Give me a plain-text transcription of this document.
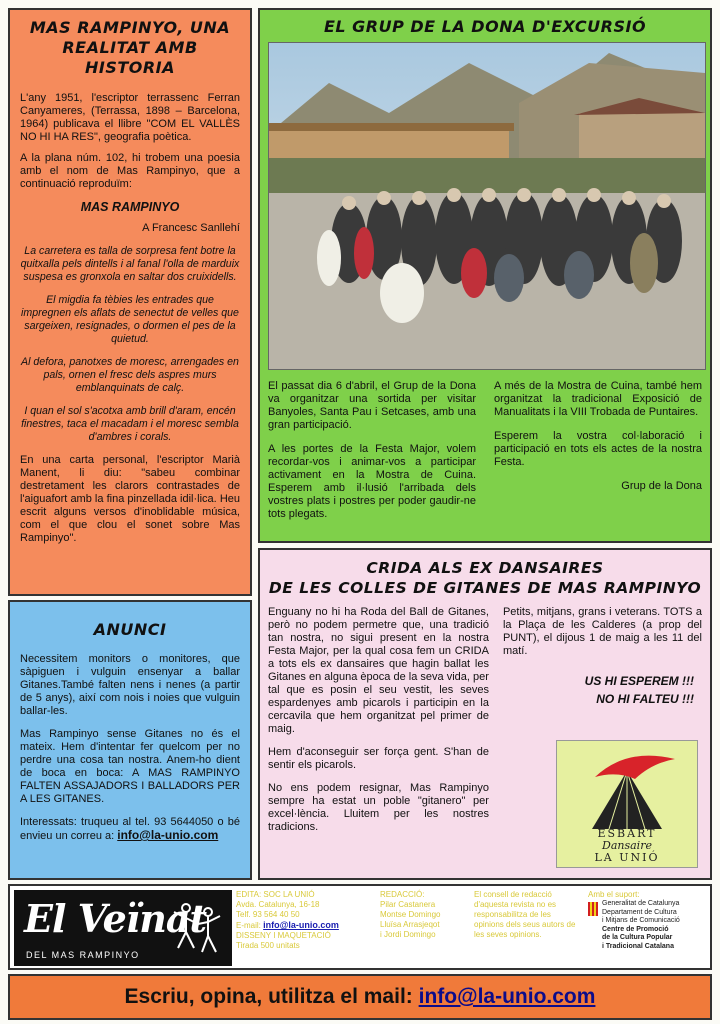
MAS RAMPINYO, UNA
REALITAT AMB HISTORIA

L'any 1951, l'escriptor terrassenc Ferran Canyameres, (Terrassa, 1898 – Barcelona, 1964) publicava el llibre "COM EL VALLÈS NO HI HA RES", geografia poètica.

A la plana núm. 102, hi trobem una poesia amb el nom de Mas Rampinyo, que a continuació reproduïm:

MAS RAMPINYO
A Francesc Sanllehí
La carretera es talla de sorpresa fent botre la quitxalla pels dintells i al fanal l'olla de marduix suspesa es gronxola en saltar dos cruixidells.
El migdia fa tèbies les entrades que impregnen els aflats de senectut de velles que sargeixen, resignades, o dormen el pes de la quietud.
Al defora, panotxes de moresc, arrengades en pals, ornen el fresc dels aspres murs emblanquinats de calç.
I quan el sol s'acotxa amb brill d'aram, encén finestres, taca el macadam i el moresc sembla d'ambres i corals.

En una carta personal, l'escriptor Marià Manent, li diu: "sabeu combinar destretament les clarors contrastades de l'aiguafort amb la fina pinzellada idil·lica. Heu escrit alguns versos d'inoblidable música, com el que clou el sonet sobre Mas Rampinyo".

EL GRUP DE LA DONA D'EXCURSIÓ

El passat dia 6 d'abril, el Grup de la Dona va organitzar una sortida per visitar Banyoles, Santa Pau i Setcases, amb una gran participació.

A les portes de la Festa Major, volem recordar-vos i animar-vos a participar activament en la Mostra de Cuina. Esperem amb il·lusió l'arribada dels vostres plats i postres per poder gaudir-ne tots plegats.

A més de la Mostra de Cuina, també hem organitzat la tradicional Exposició de Manualitats i la VIII Trobada de Puntaires.

Esperem la vostra col·laboració i participació en tots els actes de la nostra Festa.

Grup de la Dona

ANUNCI

Necessitem monitors o monitores, que sàpiguen i vulguin ensenyar a ballar Gitanes.També falten nens i nenes (a partir de 5 anys), així com nois i noies que vulguin ballar-les.

Mas Rampinyo sense Gitanes no és el mateix. Hem d'intentar fer quelcom per no perdre una cosa tan nostra. Anem-ho dient de boca en boca: A MAS RAMPINYO FALTEN ASSAJADORS I BALLADORS PER A LES GITANES.

Interessats: truqueu al tel. 93 5644050 o bé envieu un correu a: info@la-unio.com

CRIDA ALS EX DANSAIRES
DE LES COLLES DE GITANES DE MAS RAMPINYO

Enguany no hi ha Roda del Ball de Gitanes, però no podem permetre que, una tradició tan nostra, no sigui present en la nostra Festa Major, per la qual cosa fem un CRIDA a tots els ex dansaires que hagin ballat les Gitanes en alguna època de la seva vida, per tal que es posin el seu vestit, les seves espardenyes amb picarols i participin en la cercavila que hem organitzat pel primer de maig.

Hem d'aconseguir ser força gent. S'han de sentir els picarols.

No ens podem resignar, Mas Rampinyo sempre ha estat un poble "gitanero" per excel·lència. Lluitem per les nostres tradicions.

Petits, mitjans, grans i veterans. TOTS a la Plaça de les Calderes (a prop del PUNT), el dijous 1 de maig a les 11 del matí.

US HI ESPEREM !!!
NO HI FALTEU !!!
ESBART
Dansaire
LA UNIÓ
El Veïnat
DEL MAS RAMPINYO
EDITA: SOC LA UNIÓ
Avda. Catalunya, 16-18
Telf. 93 564 40 50
E-mail: info@la-unio.com
DISSENY I MAQUETACIÓ
Tirada 500 unitats
REDACCIÓ:
Pilar Castanera
Montse Domingo
Lluïsa Arrasjeqot
i Jordi Domingo
El consell de redacció d'aquesta revista no es responsabilitza de les opinions dels seus autors de les seves opinions.
Amb el suport:
Generalitat de Catalunya
Departament de Cultura
i Mitjans de Comunicació
Centre de Promoció
de la Cultura Popular
i Tradicional Catalana
Escriu, opina, utilitza el mail: info@la-unio.com
